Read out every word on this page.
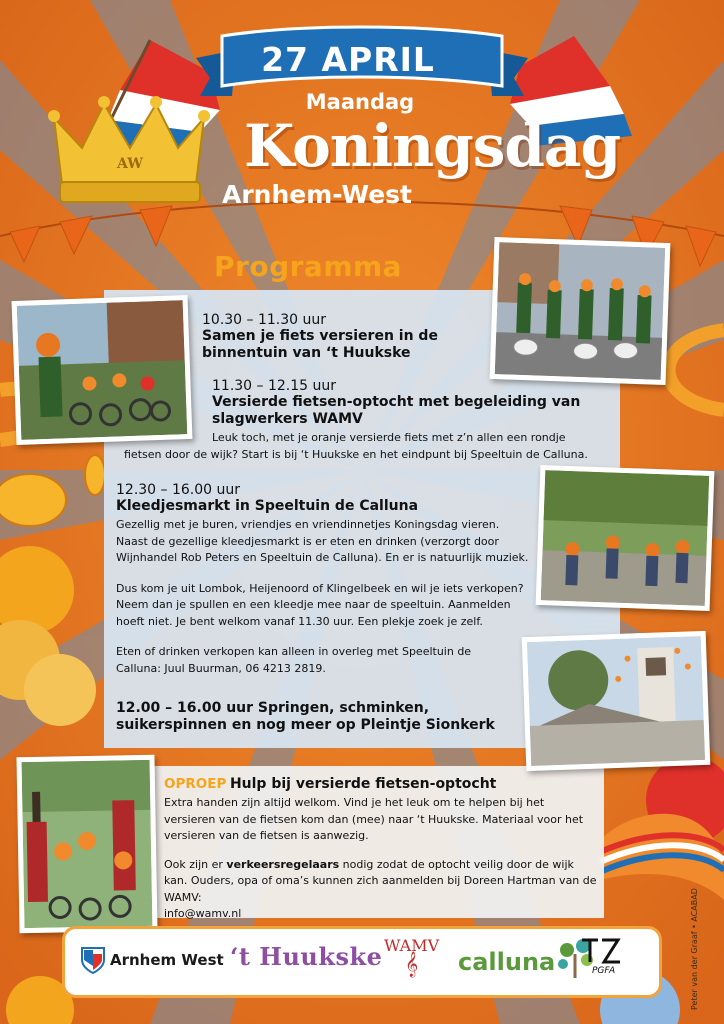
AW
27 APRIL
Maandag
Koningsdag
Arnhem-West
Programma
10.30 – 11.30 uur
Samen je fiets versieren in de binnentuin van ‘t Huukske
11.30 – 12.15 uur
Versierde fietsen-optocht met begeleiding van slagwerkers WAMV
Leuk toch, met je oranje versierde fiets met z’n allen een rondje fietsen door de wijk? Start is bij ‘t Huukske en het eindpunt bij Speeltuin de Calluna.
12.30 – 16.00 uur
Kleedjesmarkt in Speeltuin de Calluna
Gezellig met je buren, vriendjes en vriendinnetjes Koningsdag vieren. Naast de gezellige kleedjesmarkt is er eten en drinken (verzorgt door Wijnhandel Rob Peters en Speeltuin de Calluna). En er is natuurlijk muziek.
Dus kom je uit Lombok, Heijenoord of Klingelbeek en wil je iets verkopen? Neem dan je spullen en een kleedje mee naar de speeltuin. Aanmelden hoeft niet. Je bent welkom vanaf 11.30 uur. Een plekje zoek je zelf.
Eten of drinken verkopen kan alleen in overleg met Speeltuin de Calluna: Juul Buurman, 06 4213 2819.
12.00 – 16.00 uur Springen, schminken, suikerspinnen en nog meer op Pleintje Sionkerk
OPROEP Hulp bij versierde fietsen-optocht
Extra handen zijn altijd welkom. Vind je het leuk om te helpen bij het versieren van de fietsen kom dan (mee) naar ‘t Huukske. Materiaal voor het versieren van de fietsen is aanwezig.
Ook zijn er verkeersregelaars nodig zodat de optocht veilig door de wijk kan. Ouders, opa of oma’s kunnen zich aanmelden bij Doreen Hartman van de WAMV:
info@wamv.nl
Arnhem West ‘t Huukske WAMV
𝄞 calluna	PGFA	Peter van der Graaf • ACABAD
